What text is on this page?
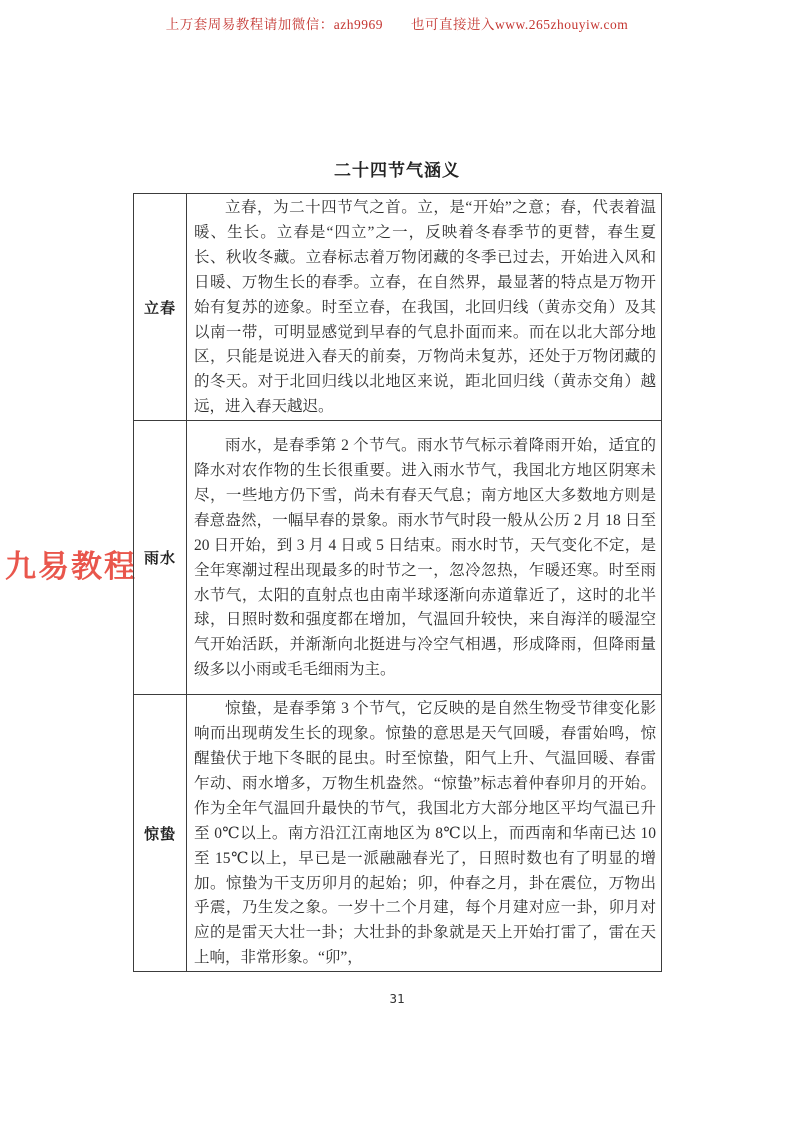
上万套周易教程请加微信：azh9969　　也可直接进入www.265zhouyiw.com
九易教程
二十四节气涵义
立春	立春，为二十四节气之首。立，是“开始”之意；春，代表着温暖、生长。立春是“四立”之一，反映着冬春季节的更替，春生夏长、秋收冬藏。立春标志着万物闭藏的冬季已过去，开始进入风和日暖、万物生长的春季。立春，在自然界，最显著的特点是万物开始有复苏的迹象。时至立春，在我国，北回归线（黄赤交角）及其以南一带，可明显感觉到早春的气息扑面而来。而在以北大部分地区，只能是说进入春天的前奏，万物尚未复苏，还处于万物闭藏的的冬天。对于北回归线以北地区来说，距北回归线（黄赤交角）越远，进入春天越迟。
雨水	雨水，是春季第 2 个节气。雨水节气标示着降雨开始，适宜的降水对农作物的生长很重要。进入雨水节气，我国北方地区阴寒未尽，一些地方仍下雪，尚未有春天气息；南方地区大多数地方则是春意盎然，一幅早春的景象。雨水节气时段一般从公历 2 月 18 日至 20 日开始，到 3 月 4 日或 5 日结束。雨水时节，天气变化不定，是全年寒潮过程出现最多的时节之一，忽冷忽热，乍暖还寒。时至雨水节气，太阳的直射点也由南半球逐渐向赤道靠近了，这时的北半球，日照时数和强度都在增加，气温回升较快，来自海洋的暖湿空气开始活跃，并渐渐向北挺进与冷空气相遇，形成降雨，但降雨量级多以小雨或毛毛细雨为主。
惊蛰	惊蛰，是春季第 3 个节气，它反映的是自然生物受节律变化影响而出现萌发生长的现象。惊蛰的意思是天气回暖，春雷始鸣，惊醒蛰伏于地下冬眠的昆虫。时至惊蛰，阳气上升、气温回暖、春雷乍动、雨水增多，万物生机盎然。“惊蛰”标志着仲春卯月的开始。作为全年气温回升最快的节气，我国北方大部分地区平均气温已升至 0℃以上。南方沿江江南地区为 8℃以上，而西南和华南已达 10 至 15℃以上，早已是一派融融春光了，日照时数也有了明显的增加。惊蛰为干支历卯月的起始；卯，仲春之月，卦在震位，万物出乎震，乃生发之象。一岁十二个月建，每个月建对应一卦，卯月对应的是雷天大壮一卦；大壮卦的卦象就是天上开始打雷了，雷在天上响，非常形象。“卯”，
31
